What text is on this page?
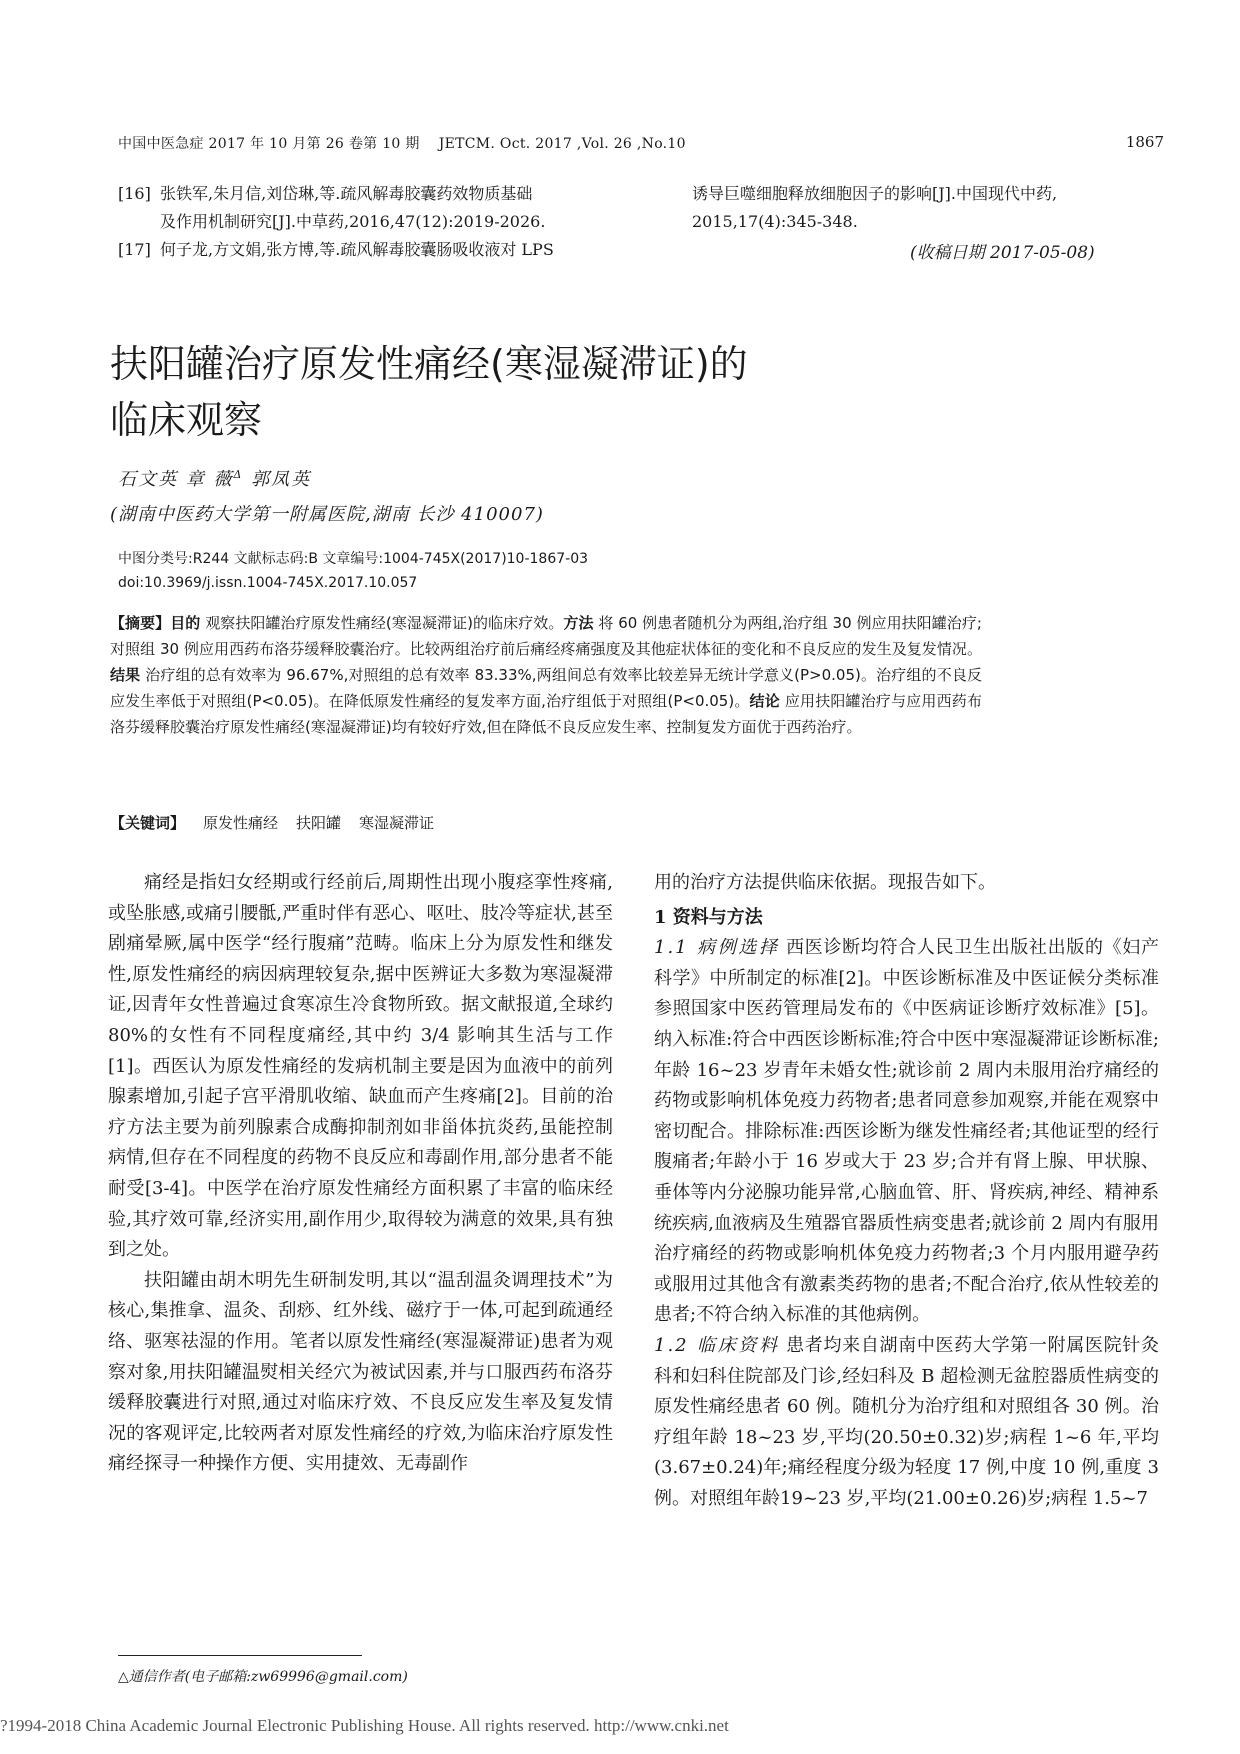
中国中医急症 2017 年 10 月第 26 卷第 10 期 JETCM. Oct. 2017 ,Vol. 26 ,No.10	1867
[16] 张铁军,朱月信,刘岱琳,等.疏风解毒胶囊药效物质基础
及作用机制研究[J].中草药,2016,47(12):2019-2026.
[17] 何子龙,方文娟,张方博,等.疏风解毒胶囊肠吸收液对 LPS
诱导巨噬细胞释放细胞因子的影响[J].中国现代中药,
2015,17(4):345-348.
(收稿日期 2017-05-08)
扶阳罐治疗原发性痛经(寒湿凝滞证)的
临床观察
石文英 章 薇$^\Delta$ 郭凤英
(湖南中医药大学第一附属医院,湖南 长沙 410007)
中图分类号:R244 文献标志码:B 文章编号:1004-745X(2017)10-1867-03
doi:10.3969/j.issn.1004-745X.2017.10.057
【摘要】目的 观察扶阳罐治疗原发性痛经(寒湿凝滞证)的临床疗效。方法 将 60 例患者随机分为两组,治疗组 30 例应用扶阳罐治疗;对照组 30 例应用西药布洛芬缓释胶囊治疗。比较两组治疗前后痛经疼痛强度及其他症状体征的变化和不良反应的发生及复发情况。结果 治疗组的总有效率为 96.67%,对照组的总有效率 83.33%,两组间总有效率比较差异无统计学意义(P>0.05)。治疗组的不良反应发生率低于对照组(P<0.05)。在降低原发性痛经的复发率方面,治疗组低于对照组(P<0.05)。结论 应用扶阳罐治疗与应用西药布洛芬缓释胶囊治疗原发性痛经(寒湿凝滞证)均有较好疗效,但在降低不良反应发生率、控制复发方面优于西药治疗。
【关键词】 原发性痛经 扶阳罐 寒湿凝滞证

痛经是指妇女经期或行经前后,周期性出现小腹痉挛性疼痛,或坠胀感,或痛引腰骶,严重时伴有恶心、呕吐、肢冷等症状,甚至剧痛晕厥,属中医学“经行腹痛”范畴。临床上分为原发性和继发性,原发性痛经的病因病理较复杂,据中医辨证大多数为寒湿凝滞证,因青年女性普遍过食寒凉生冷食物所致。据文献报道,全球约 80%的女性有不同程度痛经,其中约 3/4 影响其生活与工作[1]。西医认为原发性痛经的发病机制主要是因为血液中的前列腺素增加,引起子宫平滑肌收缩、缺血而产生疼痛[2]。目前的治疗方法主要为前列腺素合成酶抑制剂如非甾体抗炎药,虽能控制病情,但存在不同程度的药物不良反应和毒副作用,部分患者不能耐受[3-4]。中医学在治疗原发性痛经方面积累了丰富的临床经验,其疗效可靠,经济实用,副作用少,取得较为满意的效果,具有独到之处。

扶阳罐由胡木明先生研制发明,其以“温刮温灸调理技术”为核心,集推拿、温灸、刮痧、红外线、磁疗于一体,可起到疏通经络、驱寒祛湿的作用。笔者以原发性痛经(寒湿凝滞证)患者为观察对象,用扶阳罐温熨相关经穴为被试因素,并与口服西药布洛芬缓释胶囊进行对照,通过对临床疗效、不良反应发生率及复发情况的客观评定,比较两者对原发性痛经的疗效,为临床治疗原发性痛经探寻一种操作方便、实用捷效、无毒副作

用的治疗方法提供临床依据。现报告如下。

1 资料与方法

1.1 病例选择 西医诊断均符合人民卫生出版社出版的《妇产科学》中所制定的标准[2]。中医诊断标准及中医证候分类标准参照国家中医药管理局发布的《中医病证诊断疗效标准》[5]。纳入标准:符合中西医诊断标准;符合中医中寒湿凝滞证诊断标准;年龄 16~23 岁青年未婚女性;就诊前 2 周内未服用治疗痛经的药物或影响机体免疫力药物者;患者同意参加观察,并能在观察中密切配合。排除标准:西医诊断为继发性痛经者;其他证型的经行腹痛者;年龄小于 16 岁或大于 23 岁;合并有肾上腺、甲状腺、垂体等内分泌腺功能异常,心脑血管、肝、肾疾病,神经、精神系统疾病,血液病及生殖器官器质性病变患者;就诊前 2 周内有服用治疗痛经的药物或影响机体免疫力药物者;3 个月内服用避孕药或服用过其他含有激素类药物的患者;不配合治疗,依从性较差的患者;不符合纳入标准的其他病例。

1.2 临床资料 患者均来自湖南中医药大学第一附属医院针灸科和妇科住院部及门诊,经妇科及 B 超检测无盆腔器质性病变的原发性痛经患者 60 例。随机分为治疗组和对照组各 30 例。治疗组年龄 18~23 岁,平均(20.50±0.32)岁;病程 1~6 年,平均(3.67±0.24)年;痛经程度分级为轻度 17 例,中度 10 例,重度 3 例。对照组年龄19~23 岁,平均(21.00±0.26)岁;病程 1.5~7

△通信作者(电子邮箱:zw69996@gmail.com)
?1994-2018 China Academic Journal Electronic Publishing House. All rights reserved. http://www.cnki.net
